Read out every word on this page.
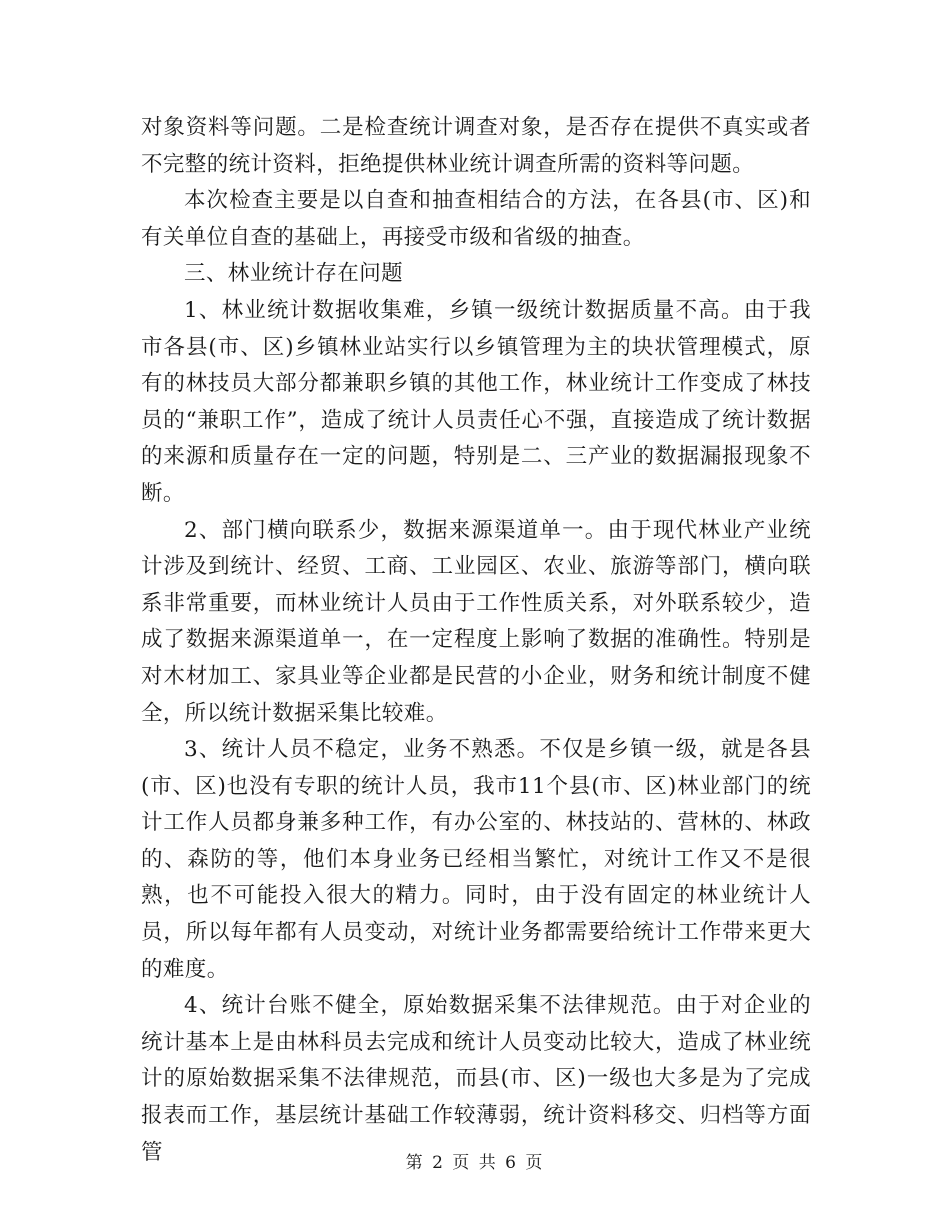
对象资料等问题。二是检查统计调查对象，是否存在提供不真实或者不完整的统计资料，拒绝提供林业统计调查所需的资料等问题。

本次检查主要是以自查和抽查相结合的方法，在各县(市、区)和有关单位自查的基础上，再接受市级和省级的抽查。

三、林业统计存在问题

1、林业统计数据收集难，乡镇一级统计数据质量不高。由于我市各县(市、区)乡镇林业站实行以乡镇管理为主的块状管理模式，原有的林技员大部分都兼职乡镇的其他工作，林业统计工作变成了林技员的“兼职工作”，造成了统计人员责任心不强，直接造成了统计数据的来源和质量存在一定的问题，特别是二、三产业的数据漏报现象不断。

2、部门横向联系少，数据来源渠道单一。由于现代林业产业统计涉及到统计、经贸、工商、工业园区、农业、旅游等部门，横向联系非常重要，而林业统计人员由于工作性质关系，对外联系较少，造成了数据来源渠道单一，在一定程度上影响了数据的准确性。特别是对木材加工、家具业等企业都是民营的小企业，财务和统计制度不健全，所以统计数据采集比较难。

3、统计人员不稳定，业务不熟悉。不仅是乡镇一级，就是各县(市、区)也没有专职的统计人员，我市11个县(市、区)林业部门的统计工作人员都身兼多种工作，有办公室的、林技站的、营林的、林政的、森防的等，他们本身业务已经相当繁忙，对统计工作又不是很熟，也不可能投入很大的精力。同时，由于没有固定的林业统计人员，所以每年都有人员变动，对统计业务都需要给统计工作带来更大的难度。

4、统计台账不健全，原始数据采集不法律规范。由于对企业的统计基本上是由林科员去完成和统计人员变动比较大，造成了林业统计的原始数据采集不法律规范，而县(市、区)一级也大多是为了完成报表而工作，基层统计基础工作较薄弱，统计资料移交、归档等方面管	第 2 页 共 6 页
